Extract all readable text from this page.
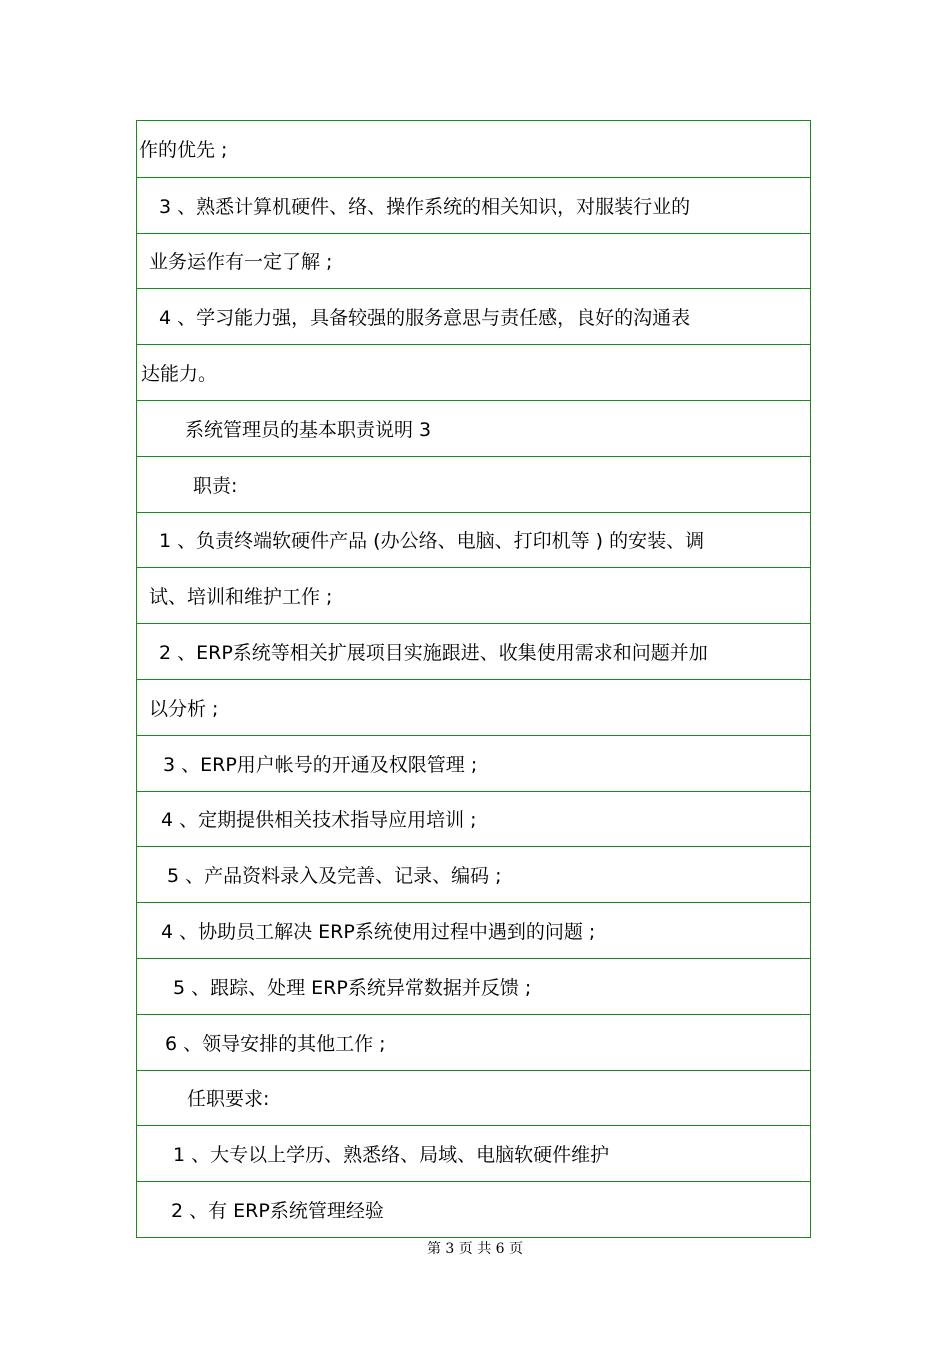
作的优先 ;
3 、熟悉计算机硬件、络、操作系统的相关知识，对服装行业的
业务运作有一定了解 ;
4 、学习能力强，具备较强的服务意思与责任感，良好的沟通表
达能力。
系统管理员的基本职责说明 3
职责:
1 、负责终端软硬件产品 (办公络、电脑、打印机等 ) 的安装、调
试、培训和维护工作 ;
2 、ERP系统等相关扩展项目实施跟进、收集使用需求和问题并加
以分析 ;
3 、ERP用户帐号的开通及权限管理 ;
4 、定期提供相关技术指导应用培训 ;
5 、产品资料录入及完善、记录、编码 ;
4 、协助员工解决 ERP系统使用过程中遇到的问题 ;
5 、跟踪、处理 ERP系统异常数据并反馈 ;
6 、领导安排的其他工作 ;
任职要求:
1 、大专以上学历、熟悉络、局域、电脑软硬件维护
2 、有 ERP系统管理经验
第 3 页 共 6 页
